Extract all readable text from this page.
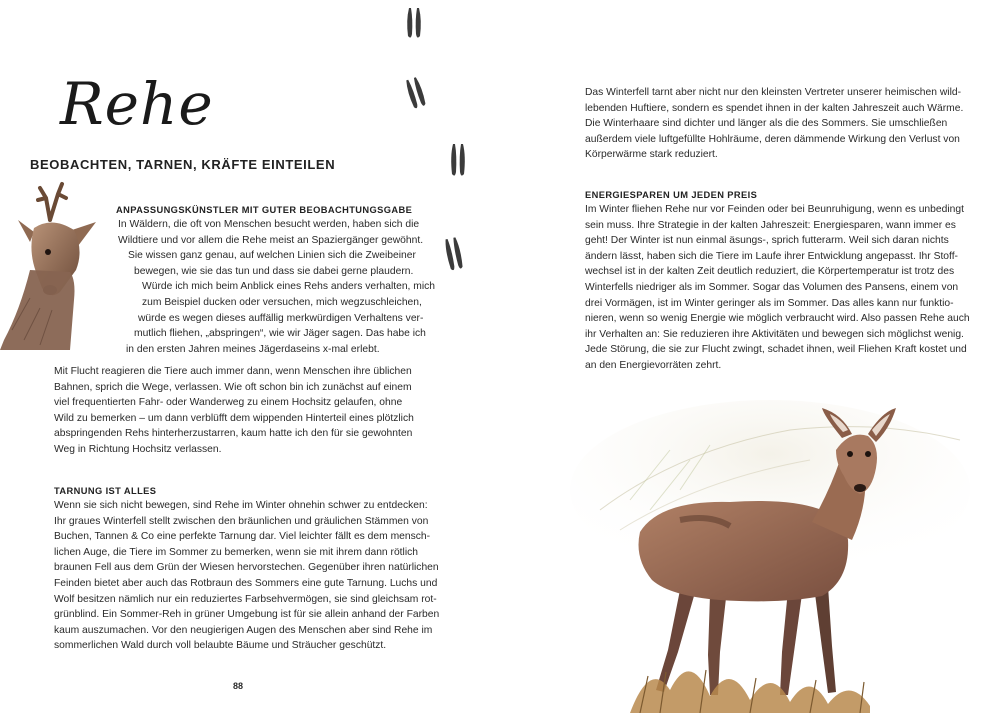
Rehe
BEOBACHTEN, TARNEN, KRÄFTE EINTEILEN
ANPASSUNGSKÜNSTLER MIT GUTER BEOBACHTUNGSGABE
In Wäldern, die oft von Menschen besucht werden, haben sich die
Wildtiere und vor allem die Rehe meist an Spaziergänger gewöhnt.
Sie wissen ganz genau, auf welchen Linien sich die Zweibeiner
bewegen, wie sie das tun und dass sie dabei gerne plaudern.
Würde ich mich beim Anblick eines Rehs anders verhalten, mich
zum Beispiel ducken oder versuchen, mich wegzuschleichen,
würde es wegen dieses auffällig merkwürdigen Verhaltens ver-
mutlich fliehen, „abspringen“, wie wir Jäger sagen. Das habe ich
in den ersten Jahren meines Jägerdaseins x-mal erlebt.
Mit Flucht reagieren die Tiere auch immer dann, wenn Menschen ihre üblichen
Bahnen, sprich die Wege, verlassen. Wie oft schon bin ich zunächst auf einem
viel frequentierten Fahr- oder Wanderweg zu einem Hochsitz gelaufen, ohne
Wild zu bemerken – um dann verblüfft dem wippenden Hinterteil eines plötzlich
abspringenden Rehs hinterherzustarren, kaum hatte ich den für sie gewohnten
Weg in Richtung Hochsitz verlassen.
TARNUNG IST ALLES
Wenn sie sich nicht bewegen, sind Rehe im Winter ohnehin schwer zu entdecken:
Ihr graues Winterfell stellt zwischen den bräunlichen und gräulichen Stämmen von
Buchen, Tannen & Co eine perfekte Tarnung dar. Viel leichter fällt es dem mensch-
lichen Auge, die Tiere im Sommer zu bemerken, wenn sie mit ihrem dann rötlich
braunen Fell aus dem Grün der Wiesen hervorstechen. Gegenüber ihren natürlichen
Feinden bietet aber auch das Rotbraun des Sommers eine gute Tarnung. Luchs und
Wolf besitzen nämlich nur ein reduziertes Farbsehvermögen, sie sind gleichsam rot-
grünblind. Ein Sommer-Reh in grüner Umgebung ist für sie allein anhand der Farben
kaum auszumachen. Vor den neugierigen Augen des Menschen aber sind Rehe im
sommerlichen Wald durch voll belaubte Bäume und Sträucher geschützt.
88
Das Winterfell tarnt aber nicht nur den kleinsten Vertreter unserer heimischen wild-
lebenden Huftiere, sondern es spendet ihnen in der kalten Jahreszeit auch Wärme.
Die Winterhaare sind dichter und länger als die des Sommers. Sie umschließen
außerdem viele luftgefüllte Hohlräume, deren dämmende Wirkung den Verlust von
Körperwärme stark reduziert.
ENERGIESPAREN UM JEDEN PREIS
Im Winter fliehen Rehe nur vor Feinden oder bei Beunruhigung, wenn es unbedingt
sein muss. Ihre Strategie in der kalten Jahreszeit: Energiesparen, wann immer es
geht! Der Winter ist nun einmal äsungs-, sprich futterarm. Weil sich daran nichts
ändern lässt, haben sich die Tiere im Laufe ihrer Entwicklung angepasst. Ihr Stoff-
wechsel ist in der kalten Zeit deutlich reduziert, die Körpertemperatur ist trotz des
Winterfells niedriger als im Sommer. Sogar das Volumen des Pansens, einem von
drei Vormägen, ist im Winter geringer als im Sommer. Das alles kann nur funktio-
nieren, wenn so wenig Energie wie möglich verbraucht wird. Also passen Rehe auch
ihr Verhalten an: Sie reduzieren ihre Aktivitäten und bewegen sich möglichst wenig.
Jede Störung, die sie zur Flucht zwingt, schadet ihnen, weil Fliehen Kraft kostet und
an den Energievorräten zehrt.
